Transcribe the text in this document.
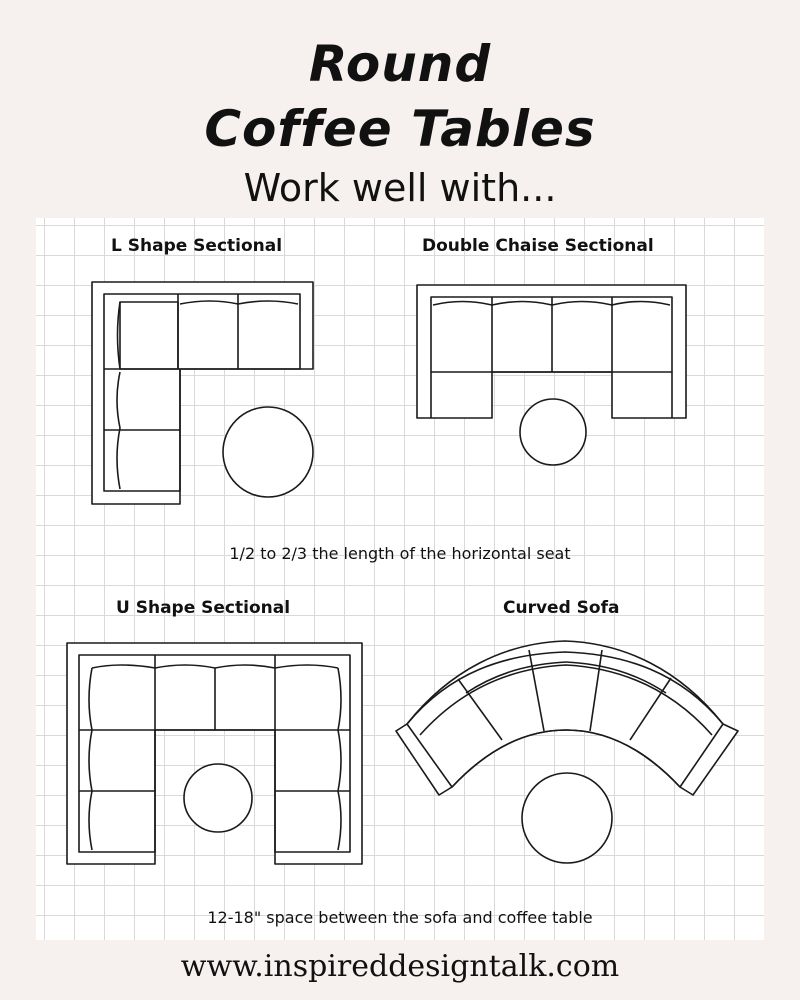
Round
Coffee Tables
Work well with...
L Shape Sectional	Double Chaise Sectional
1/2 to 2/3 the length of the horizontal seat
U Shape Sectional	Curved Sofa
12-18" space between the sofa and coffee table
www.inspireddesigntalk.com
